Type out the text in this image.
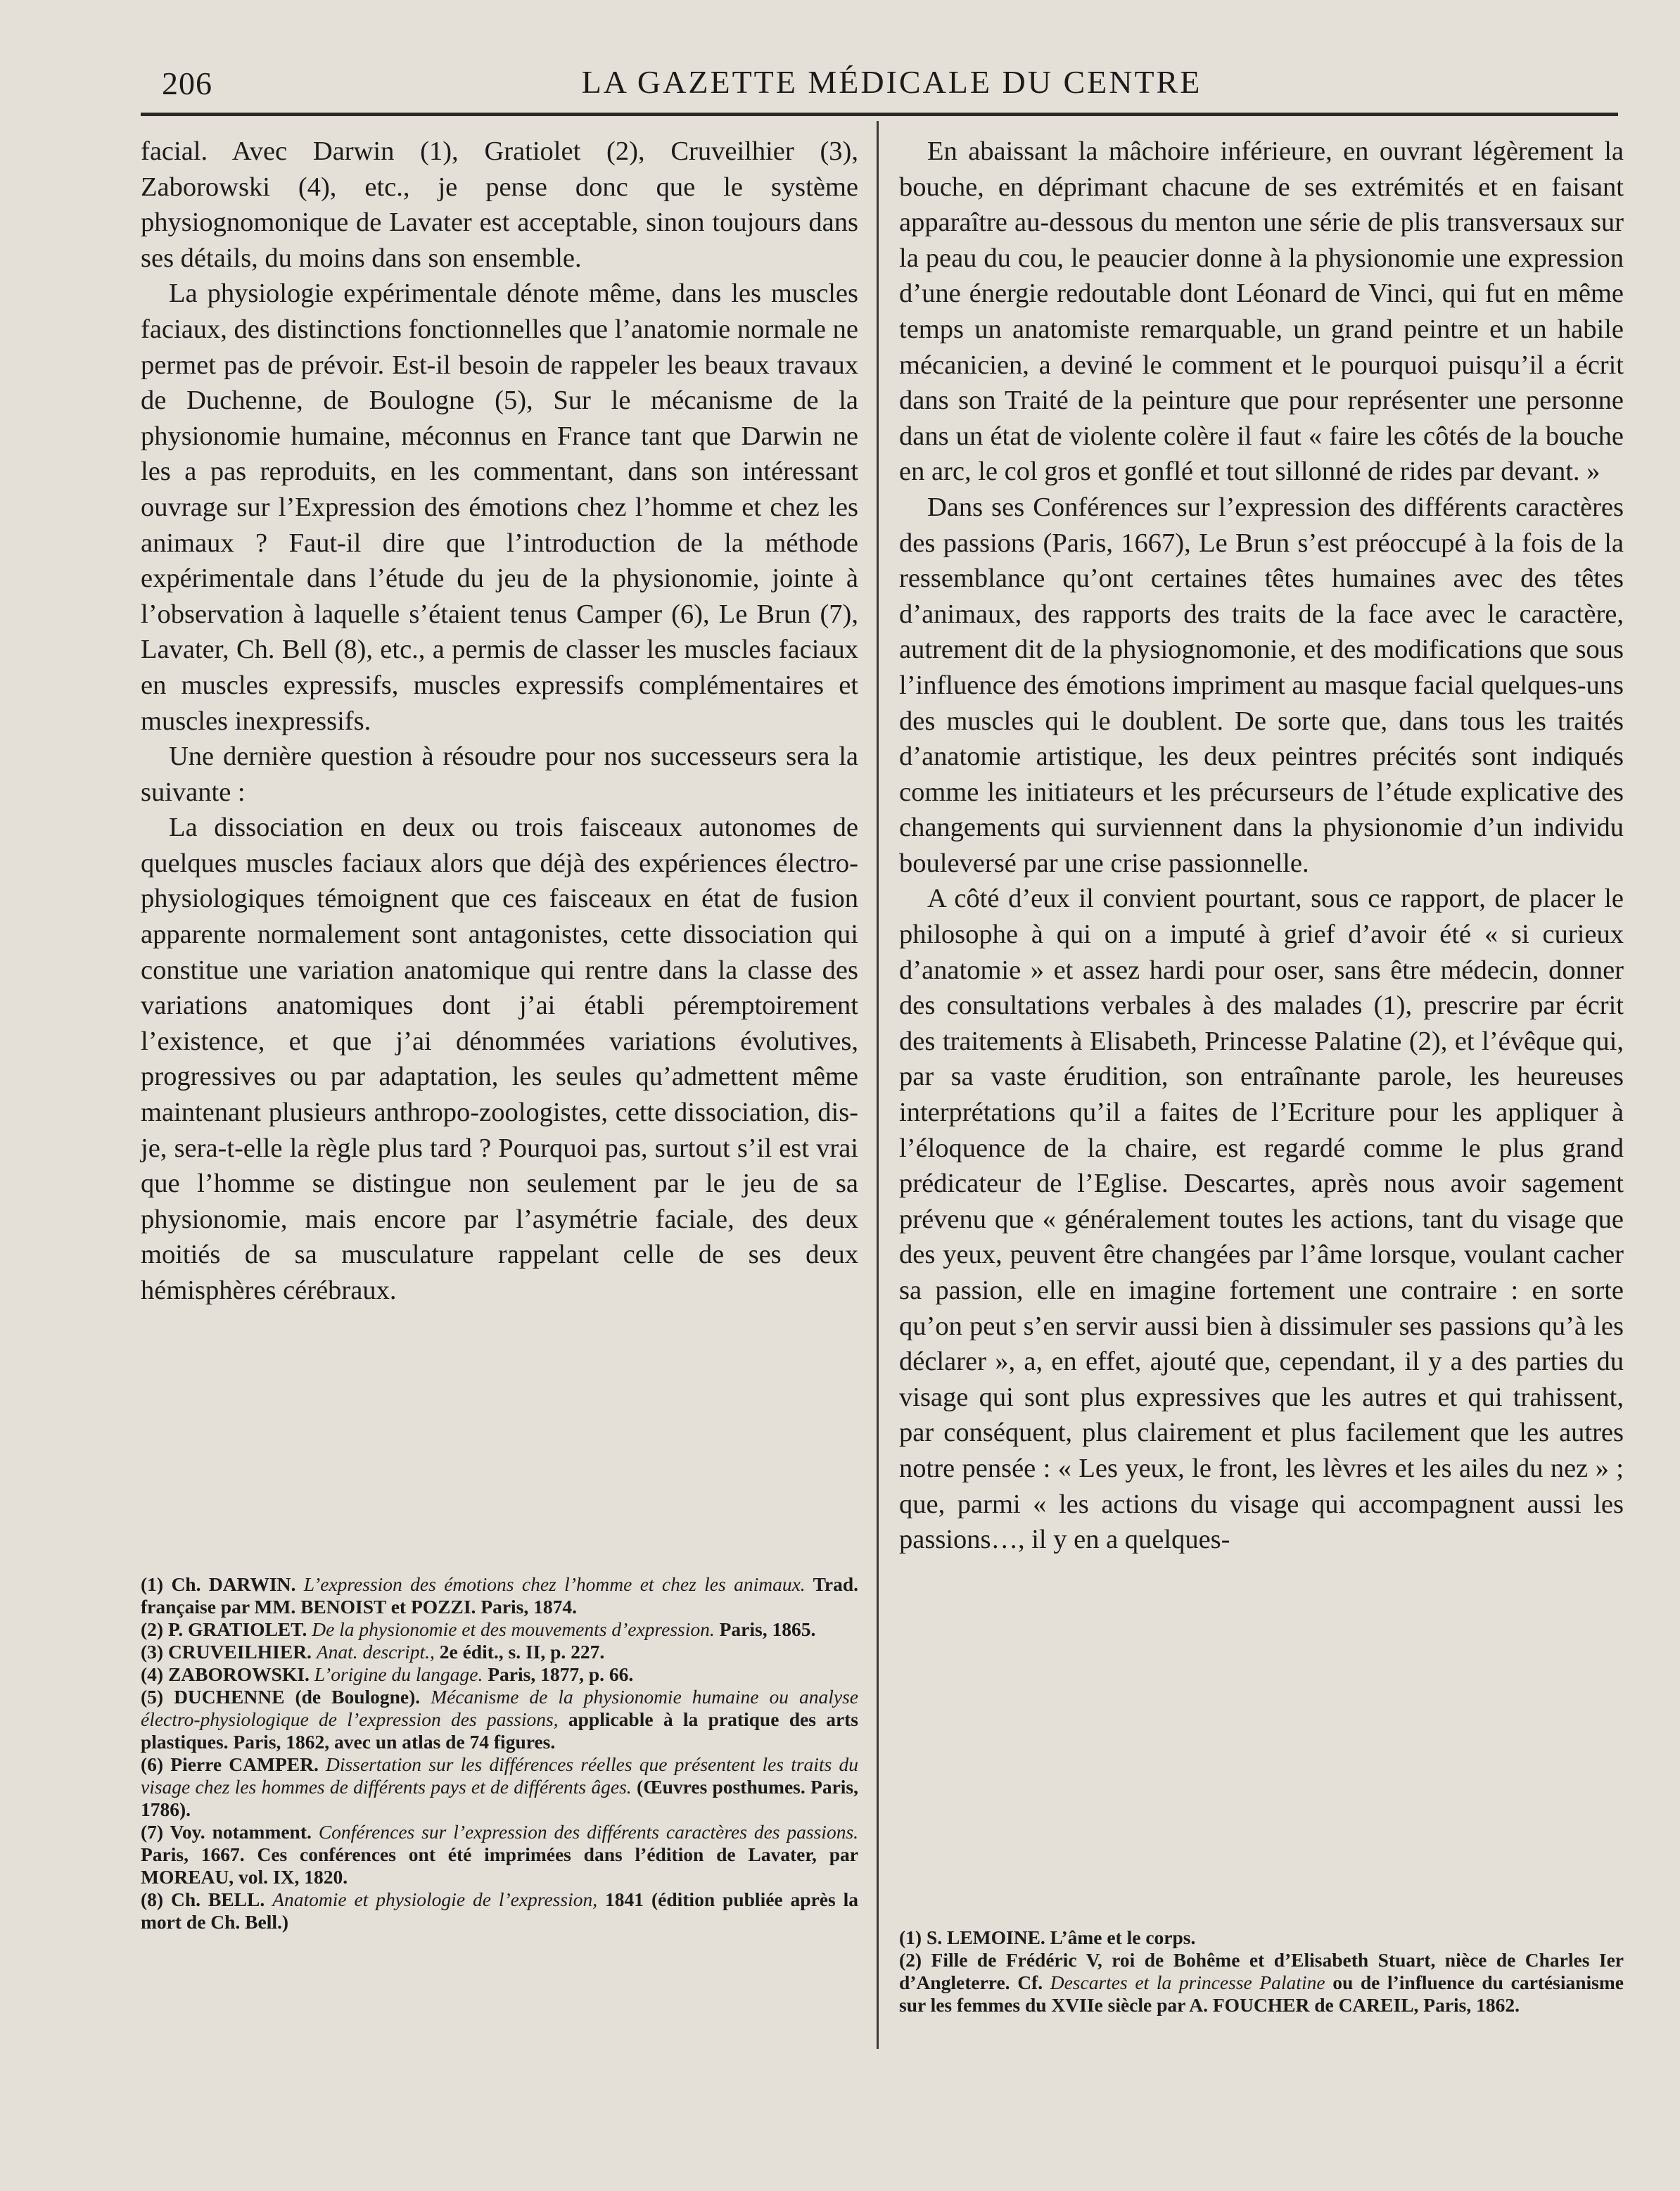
206	LA GAZETTE MÉDICALE DU CENTRE

facial. Avec Darwin (1), Gratiolet (2), Cruveilhier (3), Zaborowski (4), etc., je pense donc que le système physiognomonique de Lavater est acceptable, sinon toujours dans ses détails, du moins dans son ensemble.

La physiologie expérimentale dénote même, dans les muscles faciaux, des distinctions fonctionnelles que l’anatomie normale ne permet pas de prévoir. Est-il besoin de rappeler les beaux travaux de Duchenne, de Boulogne (5), Sur le mécanisme de la physionomie humaine, méconnus en France tant que Darwin ne les a pas reproduits, en les commentant, dans son intéressant ouvrage sur l’Expression des émotions chez l’homme et chez les animaux ? Faut-il dire que l’introduction de la méthode expérimentale dans l’étude du jeu de la physionomie, jointe à l’observation à laquelle s’étaient tenus Camper (6), Le Brun (7), Lavater, Ch. Bell (8), etc., a permis de classer les muscles faciaux en muscles expressifs, muscles expressifs complémentaires et muscles inexpressifs.

Une dernière question à résoudre pour nos successeurs sera la suivante :

La dissociation en deux ou trois faisceaux autonomes de quelques muscles faciaux alors que déjà des expériences électro-physiologiques témoignent que ces faisceaux en état de fusion apparente normalement sont antagonistes, cette dissociation qui constitue une variation anatomique qui rentre dans la classe des variations anatomiques dont j’ai établi péremptoirement l’existence, et que j’ai dénommées variations évolutives, progressives ou par adaptation, les seules qu’admettent même maintenant plusieurs anthropo-zoologistes, cette dissociation, dis-je, sera-t-elle la règle plus tard ? Pourquoi pas, surtout s’il est vrai que l’homme se distingue non seulement par le jeu de sa physionomie, mais encore par l’asymétrie faciale, des deux moitiés de sa musculature rappelant celle de ses deux hémisphères cérébraux.

(1) Ch. DARWIN. L’expression des émotions chez l’homme et chez les animaux. Trad. française par MM. BENOIST et POZZI. Paris, 1874.

(2) P. GRATIOLET. De la physionomie et des mouvements d’expression. Paris, 1865.

(3) CRUVEILHIER. Anat. descript., 2e édit., s. II, p. 227.

(4) ZABOROWSKI. L’origine du langage. Paris, 1877, p. 66.

(5) DUCHENNE (de Boulogne). Mécanisme de la physionomie humaine ou analyse électro-physiologique de l’expression des passions, applicable à la pratique des arts plastiques. Paris, 1862, avec un atlas de 74 figures.

(6) Pierre CAMPER. Dissertation sur les différences réelles que présentent les traits du visage chez les hommes de différents pays et de différents âges. (Œuvres posthumes. Paris, 1786).

(7) Voy. notamment. Conférences sur l’expression des différents caractères des passions. Paris, 1667. Ces conférences ont été imprimées dans l’édition de Lavater, par MOREAU, vol. IX, 1820.

(8) Ch. BELL. Anatomie et physiologie de l’expression, 1841 (édition publiée après la mort de Ch. Bell.)

En abaissant la mâchoire inférieure, en ouvrant légèrement la bouche, en déprimant chacune de ses extrémités et en faisant apparaître au-dessous du menton une série de plis transversaux sur la peau du cou, le peaucier donne à la physionomie une expression d’une énergie redoutable dont Léonard de Vinci, qui fut en même temps un anatomiste remarquable, un grand peintre et un habile mécanicien, a deviné le comment et le pourquoi puisqu’il a écrit dans son Traité de la peinture que pour représenter une personne dans un état de violente colère il faut « faire les côtés de la bouche en arc, le col gros et gonflé et tout sillonné de rides par devant. »

Dans ses Conférences sur l’expression des différents caractères des passions (Paris, 1667), Le Brun s’est préoccupé à la fois de la ressemblance qu’ont certaines têtes humaines avec des têtes d’animaux, des rapports des traits de la face avec le caractère, autrement dit de la physiognomonie, et des modifications que sous l’influence des émotions impriment au masque facial quelques-uns des muscles qui le doublent. De sorte que, dans tous les traités d’anatomie artistique, les deux peintres précités sont indiqués comme les initiateurs et les précurseurs de l’étude explicative des changements qui surviennent dans la physionomie d’un individu bouleversé par une crise passionnelle.

A côté d’eux il convient pourtant, sous ce rapport, de placer le philosophe à qui on a imputé à grief d’avoir été « si curieux d’anatomie » et assez hardi pour oser, sans être médecin, donner des consultations verbales à des malades (1), prescrire par écrit des traitements à Elisabeth, Princesse Palatine (2), et l’évêque qui, par sa vaste érudition, son entraînante parole, les heureuses interprétations qu’il a faites de l’Ecriture pour les appliquer à l’éloquence de la chaire, est regardé comme le plus grand prédicateur de l’Eglise. Descartes, après nous avoir sagement prévenu que « généralement toutes les actions, tant du visage que des yeux, peuvent être changées par l’âme lorsque, voulant cacher sa passion, elle en imagine fortement une contraire : en sorte qu’on peut s’en servir aussi bien à dissimuler ses passions qu’à les déclarer », a, en effet, ajouté que, cependant, il y a des parties du visage qui sont plus expressives que les autres et qui trahissent, par conséquent, plus clairement et plus facilement que les autres notre pensée : « Les yeux, le front, les lèvres et les ailes du nez » ; que, parmi « les actions du visage qui accompagnent aussi les passions…, il y en a quelques-

(1) S. LEMOINE. L’âme et le corps.

(2) Fille de Frédéric V, roi de Bohême et d’Elisabeth Stuart, nièce de Charles Ier d’Angleterre. Cf. Descartes et la princesse Palatine ou de l’influence du cartésianisme sur les femmes du XVIIe siècle par A. FOUCHER de CAREIL, Paris, 1862.
